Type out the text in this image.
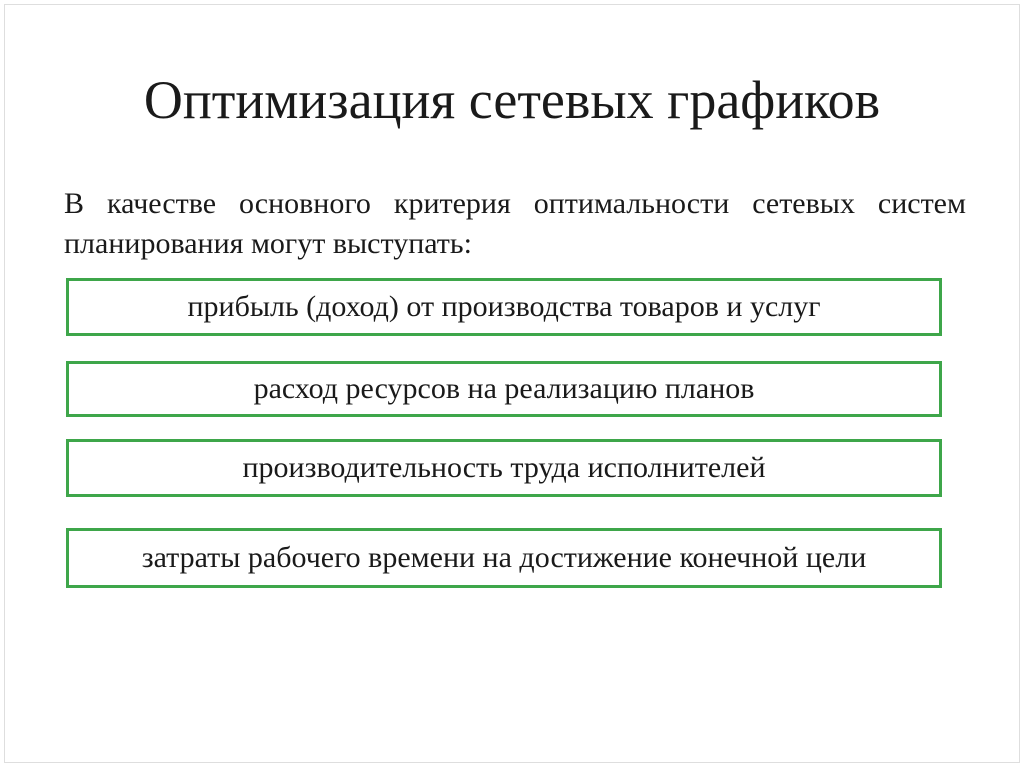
Оптимизация сетевых графиков
В качестве основного критерия оптимальности сетевых систем планирования могут выступать:
прибыль (доход) от производства товаров и услуг
расход ресурсов на реализацию планов
производительность труда исполнителей
затраты рабочего времени на достижение конечной цели
